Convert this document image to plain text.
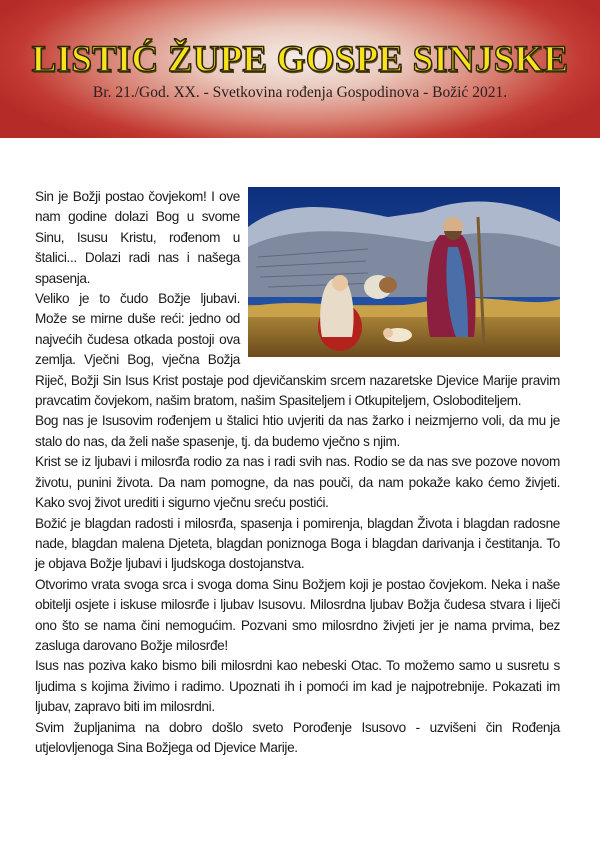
LISTIĆ ŽUPE GOSPE SINJSKE
Br. 21./God. XX. - Svetkovina rođenja Gospodinova - Božić 2021.

Sin je Božji postao čovjekom! I ove nam godine dolazi Bog u svome Sinu, Isusu Kristu, rođenom u štalici... Dolazi radi nas i našega spasenja.

Veliko je to čudo Božje ljubavi. Može se mirne duše reći: jedno od najvećih čudesa otkada postoji ova zemlja. Vječni Bog, vječna Božja Riječ, Božji Sin Isus Krist postaje pod djevičanskim srcem nazaretske Djevice Marije pravim pravcatim čovjekom, našim bratom, našim Spasiteljem i Otkupiteljem, Osloboditeljem.

Bog nas je Isusovim rođenjem u štalici htio uvjeriti da nas žarko i neizmjerno voli, da mu je stalo do nas, da želi naše spasenje, tj. da budemo vječno s njim.

Krist se iz ljubavi i milosrđa rodio za nas i radi svih nas. Rodio se da nas sve pozove novom životu, punini života. Da nam pomogne, da nas pouči, da nam pokaže kako ćemo živjeti. Kako svoj život urediti i sigurno vječnu sreću postići.

Božić je blagdan radosti i milosrđa, spasenja i pomirenja, blagdan Života i blagdan radosne nade, blagdan malena Djeteta, blagdan poniznoga Boga i blagdan darivanja i čestitanja. To je objava Božje ljubavi i ljudskoga dostojanstva.

Otvorimo vrata svoga srca i svoga doma Sinu Božjem koji je postao čovjekom. Neka i naše obitelji osjete i iskuse milosrđe i ljubav Isusovu. Milosrdna ljubav Božja čudesa stvara i liječi ono što se nama čini nemogućim. Pozvani smo milosrdno živjeti jer je nama prvima, bez zasluga darovano Božje milosrđe!

Isus nas poziva kako bismo bili milosrdni kao nebeski Otac. To možemo samo u susretu s ljudima s kojima živimo i radimo. Upoznati ih i pomoći im kad je najpotrebnije. Pokazati im ljubav, zapravo biti im milosrdni.

Svim župljanima na dobro došlo sveto Porođenje Isusovo - uzvišeni čin Rođenja utjelovljenoga Sina Božjega od Djevice Marije.
